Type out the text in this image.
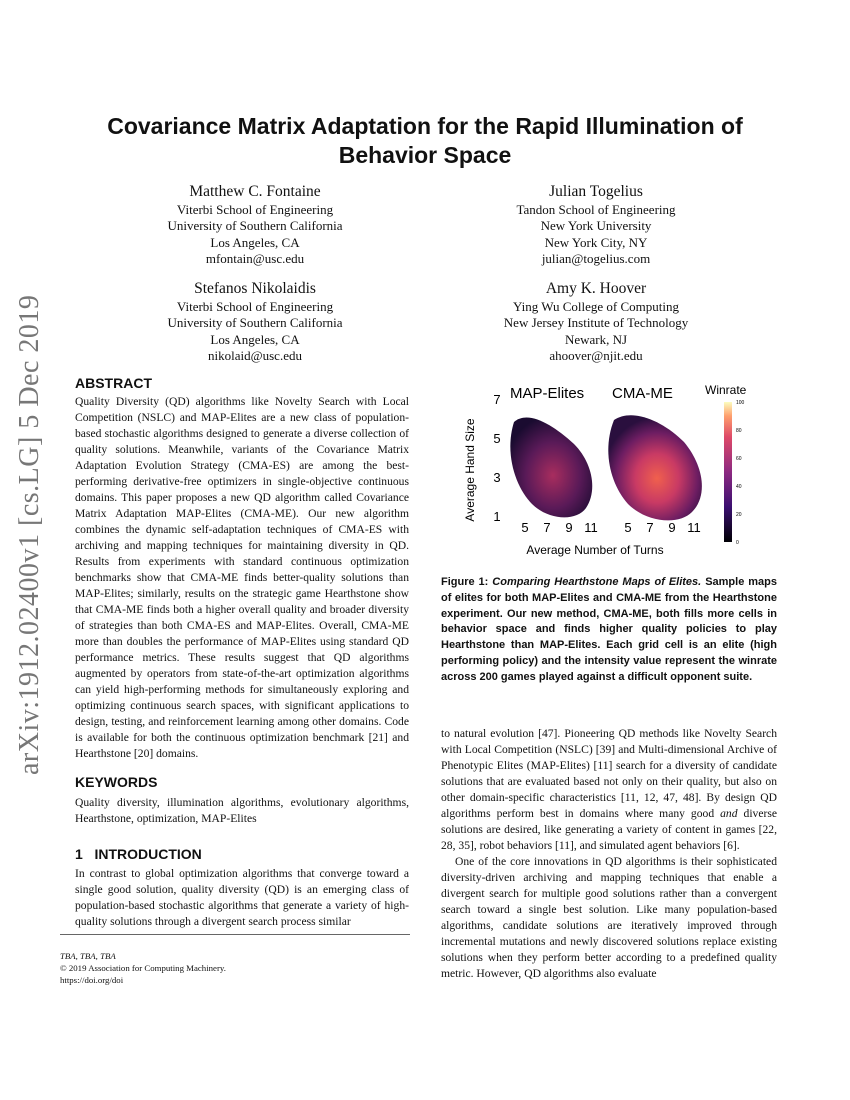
arXiv:1912.02400v1 [cs.LG] 5 Dec 2019
Covariance Matrix Adaptation for the Rapid Illumination of Behavior Space
Matthew C. Fontaine
Viterbi School of Engineering
University of Southern California
Los Angeles, CA
mfontain@usc.edu
Julian Togelius
Tandon School of Engineering
New York University
New York City, NY
julian@togelius.com
Stefanos Nikolaidis
Viterbi School of Engineering
University of Southern California
Los Angeles, CA
nikolaid@usc.edu
Amy K. Hoover
Ying Wu College of Computing
New Jersey Institute of Technology
Newark, NJ
ahoover@njit.edu
ABSTRACT
Quality Diversity (QD) algorithms like Novelty Search with Local Competition (NSLC) and MAP-Elites are a new class of population-based stochastic algorithms designed to generate a diverse collection of quality solutions. Meanwhile, variants of the Covariance Matrix Adaptation Evolution Strategy (CMA-ES) are among the best-performing derivative-free optimizers in single-objective continuous domains. This paper proposes a new QD algorithm called Covariance Matrix Adaptation MAP-Elites (CMA-ME). Our new algorithm combines the dynamic self-adaptation techniques of CMA-ES with archiving and mapping techniques for maintaining diversity in QD. Results from experiments with standard continuous optimization benchmarks show that CMA-ME finds better-quality solutions than MAP-Elites; similarly, results on the strategic game Hearthstone show that CMA-ME finds both a higher overall quality and broader diversity of strategies than both CMA-ES and MAP-Elites. Overall, CMA-ME more than doubles the performance of MAP-Elites using standard QD performance metrics. These results suggest that QD algorithms augmented by operators from state-of-the-art optimization algorithms can yield high-performing methods for simultaneously exploring and optimizing continuous search spaces, with significant applications to design, testing, and reinforcement learning among other domains. Code is available for both the continuous optimization benchmark [21] and Hearthstone [20] domains.
KEYWORDS
Quality diversity, illumination algorithms, evolutionary algorithms, Hearthstone, optimization, MAP-Elites
1   INTRODUCTION
In contrast to global optimization algorithms that converge toward a single good solution, quality diversity (QD) is an emerging class of population-based stochastic algorithms that generate a variety of high-quality solutions through a divergent search process similar
TBA, TBA, TBA
© 2019 Association for Computing Machinery.
https://doi.org/doi
MAP-Elites CMA-ME	Winrate
Average Hand Size
Average Number of Turns
1
3
5
7
5 7 9 11 5 7 9 11
0
20
40
60
80
100
Figure 1: Comparing Hearthstone Maps of Elites. Sample maps of elites for both MAP-Elites and CMA-ME from the Hearthstone experiment. Our new method, CMA-ME, both fills more cells in behavior space and finds higher quality policies to play Hearthstone than MAP-Elites. Each grid cell is an elite (high performing policy) and the intensity value represent the winrate across 200 games played against a difficult opponent suite.

to natural evolution [47]. Pioneering QD methods like Novelty Search with Local Competition (NSLC) [39] and Multi-dimensional Archive of Phenotypic Elites (MAP-Elites) [11] search for a diversity of candidate solutions that are evaluated based not only on their quality, but also on other domain-specific characteristics [11, 12, 47, 48]. By design QD algorithms perform best in domains where many good and diverse solutions are desired, like generating a variety of content in games [22, 28, 35], robot behaviors [11], and simulated agent behaviors [6].

One of the core innovations in QD algorithms is their sophisticated diversity-driven archiving and mapping techniques that enable a divergent search for multiple good solutions rather than a convergent search toward a single best solution. Like many population-based algorithms, candidate solutions are iteratively improved through incremental mutations and newly discovered solutions replace existing solutions when they perform better according to a predefined quality metric. However, QD algorithms also evaluate
